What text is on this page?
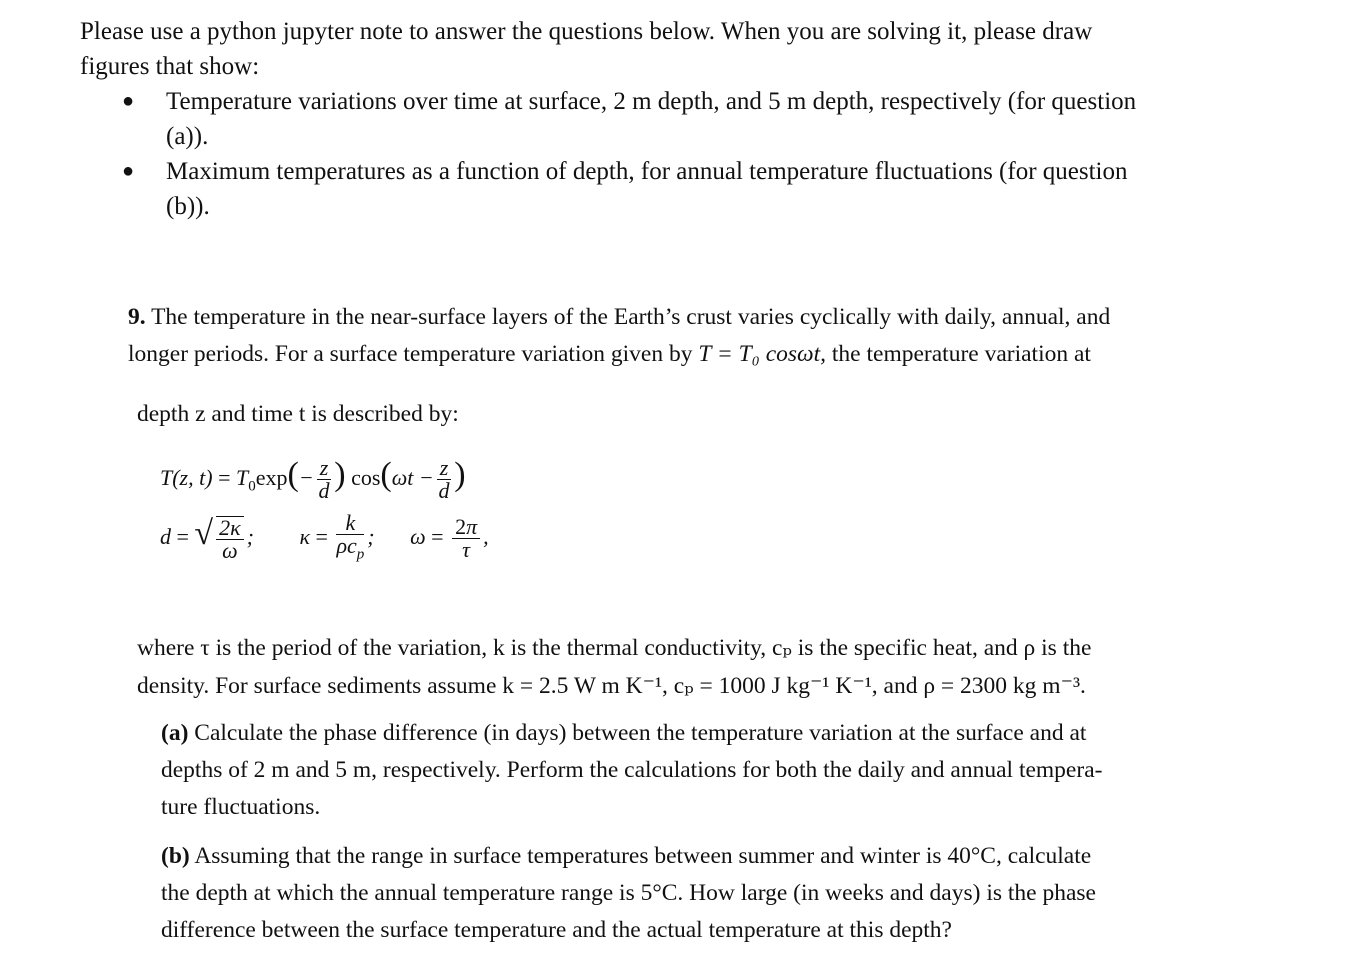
Please use a python jupyter note to answer the questions below. When you are solving it, please draw
figures that show:
● Temperature variations over time at surface, 2 m depth, and 5 m depth, respectively (for question
(a)).
● Maximum temperatures as a function of depth, for annual temperature fluctuations (for question
(b)).
9. The temperature in the near-surface layers of the Earth’s crust varies cyclically with daily, annual, and
longer periods. For a surface temperature variation given by T = T₀ cosωt, the temperature variation at
depth z and time t is described by:
T(z, $t) = T_0\exp(- \frac{z}{d}$ ) $\cos(\omega t - \frac{z}{d}$ )
d = √ $\frac{2\kappa}{\omega}$ ; $\kappa = \frac{k}{\rho c_p}$ ; $\omega = \frac{2\pi}{\tau}$ ,
where τ is the period of the variation, k is the thermal conductivity, cₚ is the specific heat, and ρ is the
density. For surface sediments assume k = 2.5 W m K⁻¹, cₚ = 1000 J kg⁻¹ K⁻¹, and ρ = 2300 kg m⁻³.
(a) Calculate the phase difference (in days) between the temperature variation at the surface and at
depths of 2 m and 5 m, respectively. Perform the calculations for both the daily and annual tempera-
ture fluctuations.
(b) Assuming that the range in surface temperatures between summer and winter is 40°C, calculate
the depth at which the annual temperature range is 5°C. How large (in weeks and days) is the phase
difference between the surface temperature and the actual temperature at this depth?
